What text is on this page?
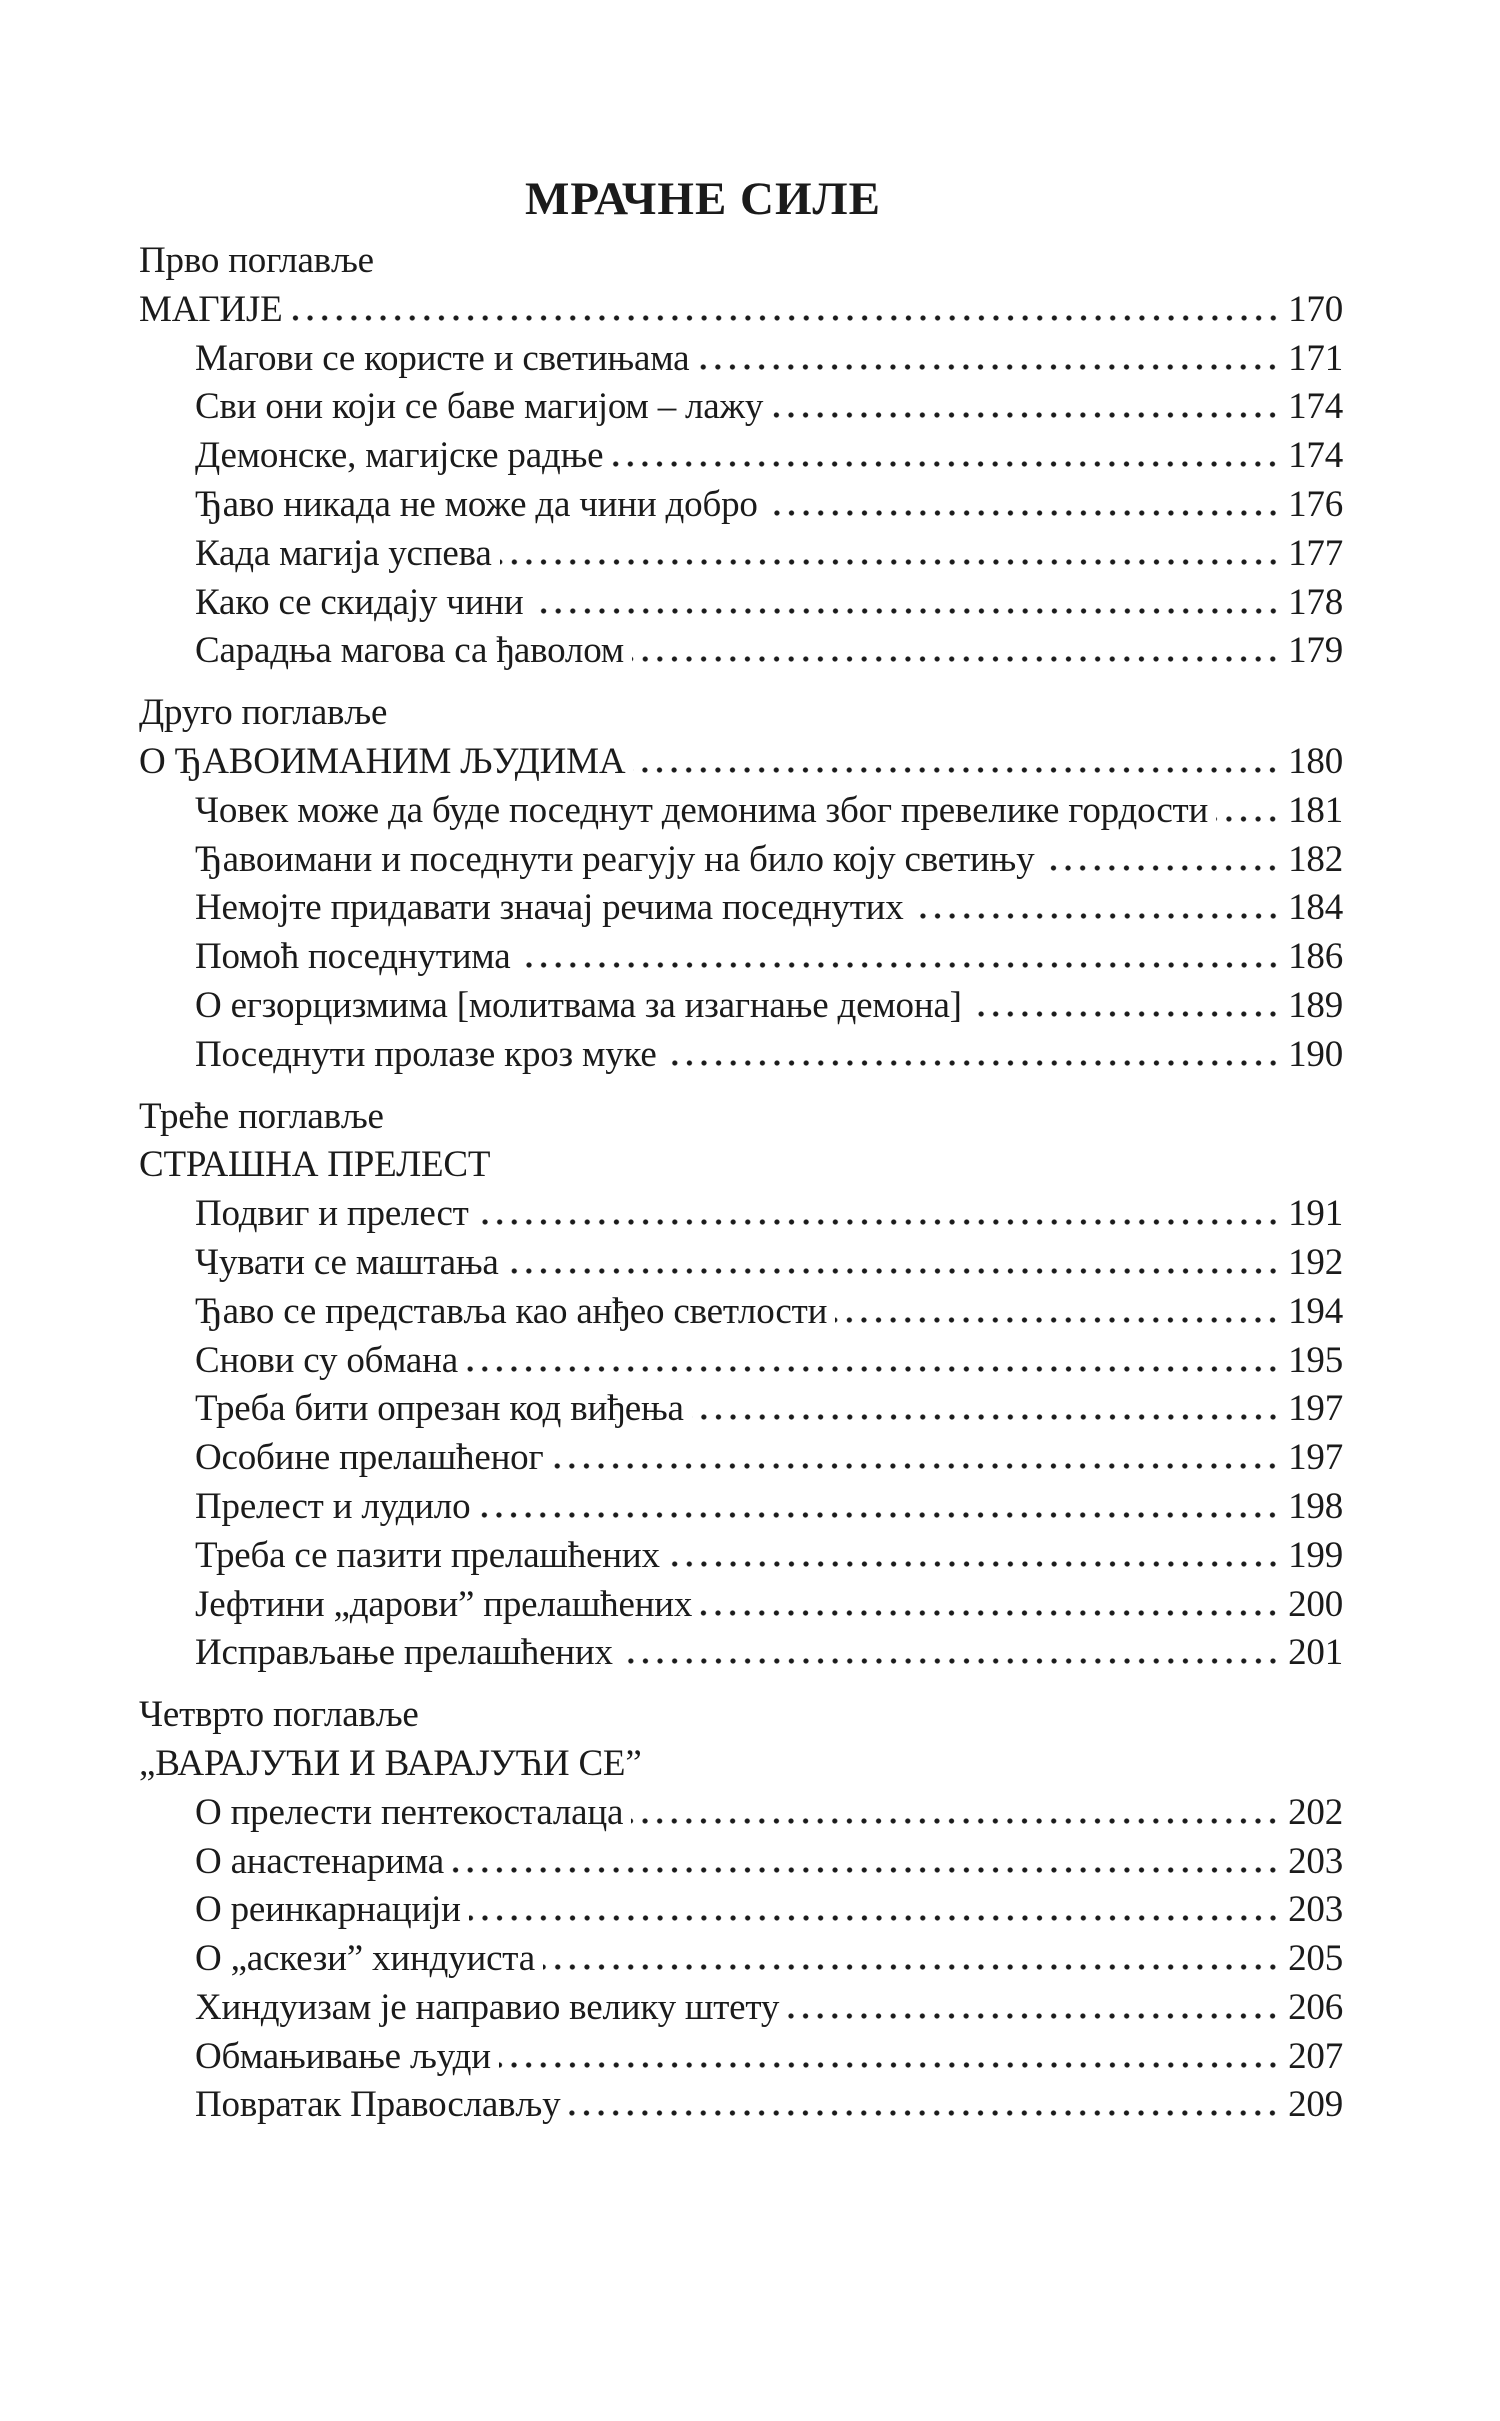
МРАЧНЕ СИЛЕ
Прво поглавље
МАГИЈЕ	170
Магови се користе и светињама	171
Сви они који се баве магијом – лажу	174
Демонске, магијске радње	174
Ђаво никада не може да чини добро	176
Када магија успева	177
Како се скидају чини	178
Сарадња магова са ђаволом	179
Друго поглавље
О ЂАВОИМАНИМ ЉУДИМА	180
Човек може да буде поседнут демонима због превелике гордости 181
Ђавоимани и поседнути реагују на било коју светињу	182
Немојте придавати значај речима поседнутих	184
Помоћ поседнутима	186
О егзорцизмима [молитвама за изагнање демона]	189
Поседнути пролазе кроз муке	190
Треће поглавље
СТРАШНА ПРЕЛЕСТ
Подвиг и прелест	191
Чувати се маштања	192
Ђаво се представља као анђео светлости	194
Снови су обмана	195
Треба бити опрезан код виђења	197
Особине прелашћеног	197
Прелест и лудило	198
Треба се пазити прелашћених	199
Јефтини „дарови” прелашћених	200
Исправљање прелашћених	201
Четврто поглавље
„ВАРАЈУЋИ И ВАРАЈУЋИ СЕ”
О прелести пентекосталаца	202
О анастенарима	203
О реинкарнацији	203
О „аскези” хиндуиста	205
Хиндуизам је направио велику штету	206
Обмањивање људи	207
Повратак Православљу	209
